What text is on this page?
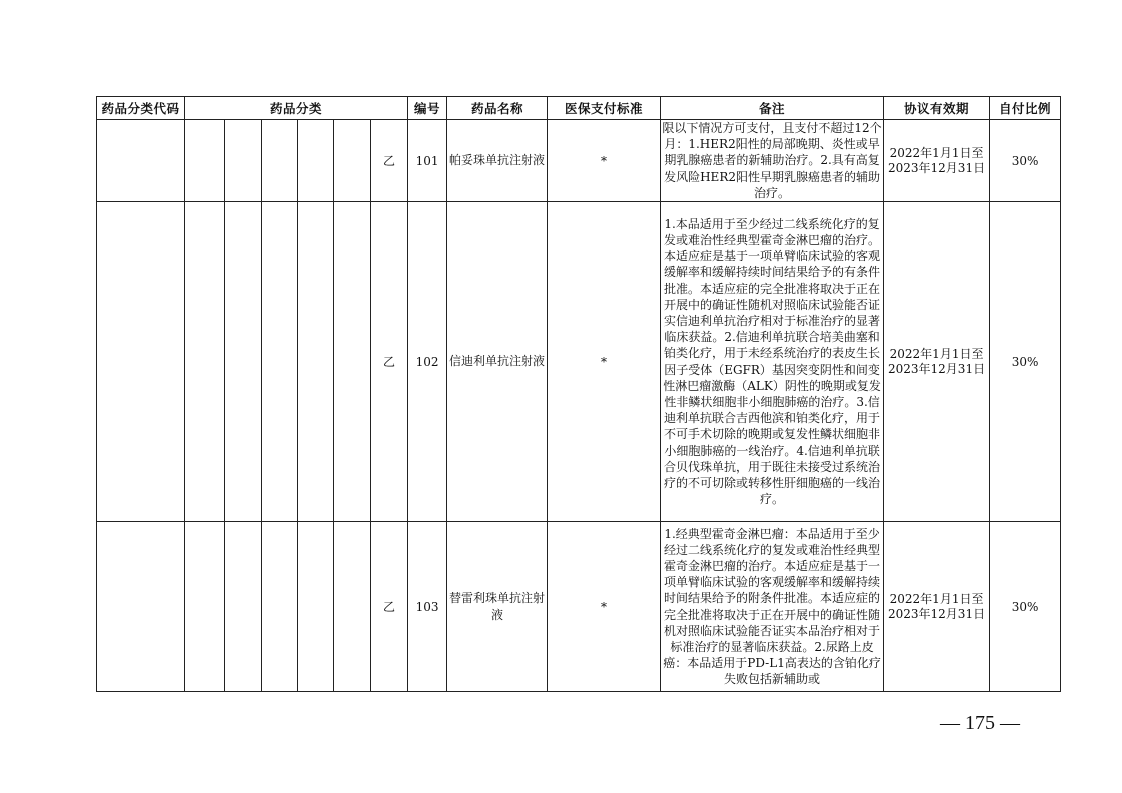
药品分类代码	药品分类						编号	药品名称	医保支付标准	备注	协议有效期	自付比例
						乙	101	帕妥珠单抗注射液	*	限以下情况方可支付，且支付不超过12个月：1.HER2阳性的局部晚期、炎性或早期乳腺癌患者的新辅助治疗。2.具有高复发风险HER2阳性早期乳腺癌患者的辅助治疗。	2022年1月1日至2023年12月31日	30%
						乙	102	信迪利单抗注射液	*	1.本品适用于至少经过二线系统化疗的复发或难治性经典型霍奇金淋巴瘤的治疗。本适应症是基于一项单臂临床试验的客观缓解率和缓解持续时间结果给予的有条件批准。本适应症的完全批准将取决于正在开展中的确证性随机对照临床试验能否证实信迪利单抗治疗相对于标准治疗的显著临床获益。2.信迪利单抗联合培美曲塞和铂类化疗，用于未经系统治疗的表皮生长因子受体（EGFR）基因突变阴性和间变性淋巴瘤激酶（ALK）阴性的晚期或复发性非鳞状细胞非小细胞肺癌的治疗。3.信迪利单抗联合吉西他滨和铂类化疗，用于不可手术切除的晚期或复发性鳞状细胞非小细胞肺癌的一线治疗。4.信迪利单抗联合贝伐珠单抗，用于既往未接受过系统治疗的不可切除或转移性肝细胞癌的一线治疗。	2022年1月1日至2023年12月31日	30%
						乙	103	替雷利珠单抗注射液	*	1.经典型霍奇金淋巴瘤：本品适用于至少经过二线系统化疗的复发或难治性经典型霍奇金淋巴瘤的治疗。本适应症是基于一项单臂临床试验的客观缓解率和缓解持续时间结果给予的附条件批准。本适应症的完全批准将取决于正在开展中的确证性随机对照临床试验能否证实本品治疗相对于标准治疗的显著临床获益。2.尿路上皮癌：本品适用于PD-L1高表达的含铂化疗失败包括新辅助或	2022年1月1日至2023年12月31日	30%
— 175 —
